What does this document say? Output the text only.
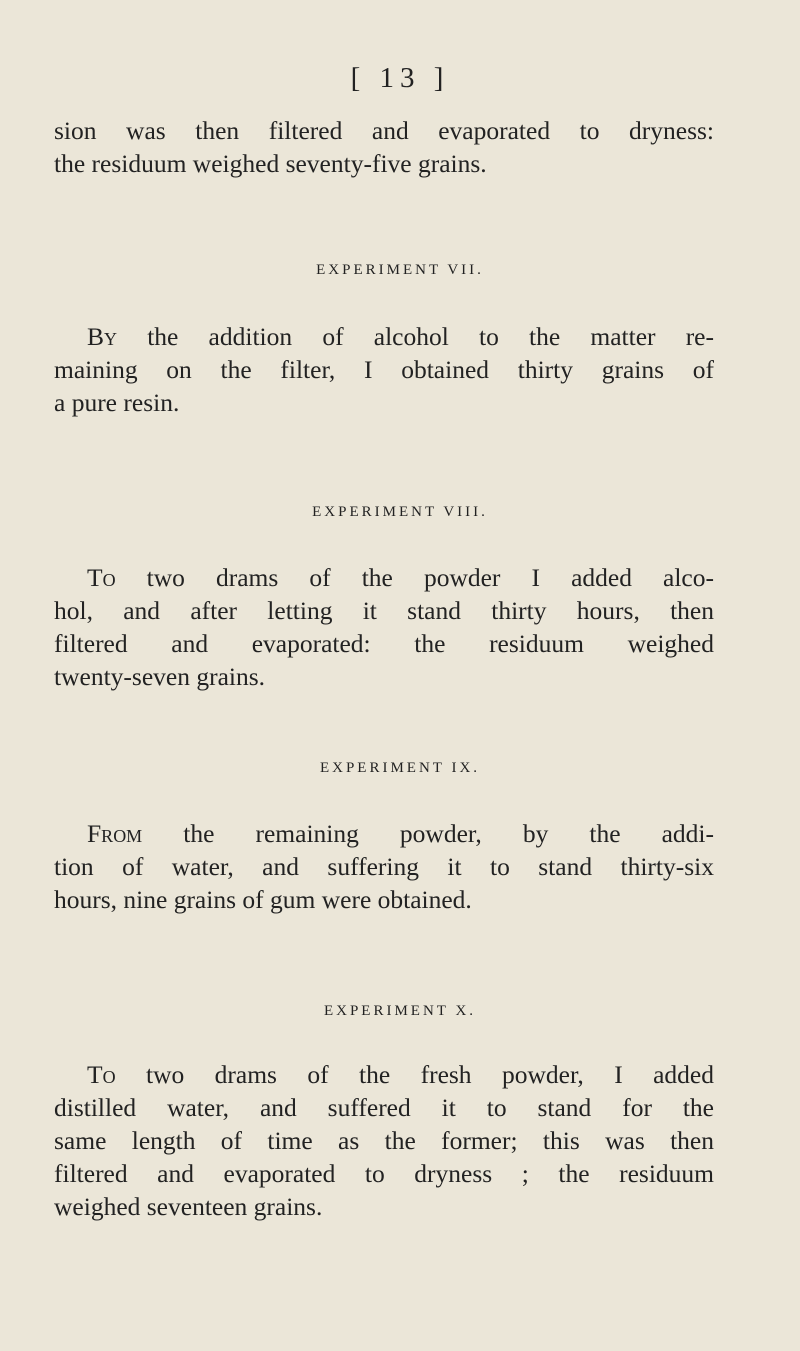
[ 13 ]
sion was then filtered and evaporated to dryness:
the residuum weighed seventy-five grains.
EXPERIMENT VII.
By the addition of alcohol to the matter re-
maining on the filter, I obtained thirty grains of
a pure resin.
EXPERIMENT VIII.
To two drams of the powder I added alco-
hol, and after letting it stand thirty hours, then
filtered and evaporated: the residuum weighed
twenty-seven grains.
EXPERIMENT IX.
From the remaining powder, by the addi-
tion of water, and suffering it to stand thirty-six
hours, nine grains of gum were obtained.
EXPERIMENT X.
To two drams of the fresh powder, I added
distilled water, and suffered it to stand for the
same length of time as the former; this was then
filtered and evaporated to dryness ; the residuum
weighed seventeen grains.
